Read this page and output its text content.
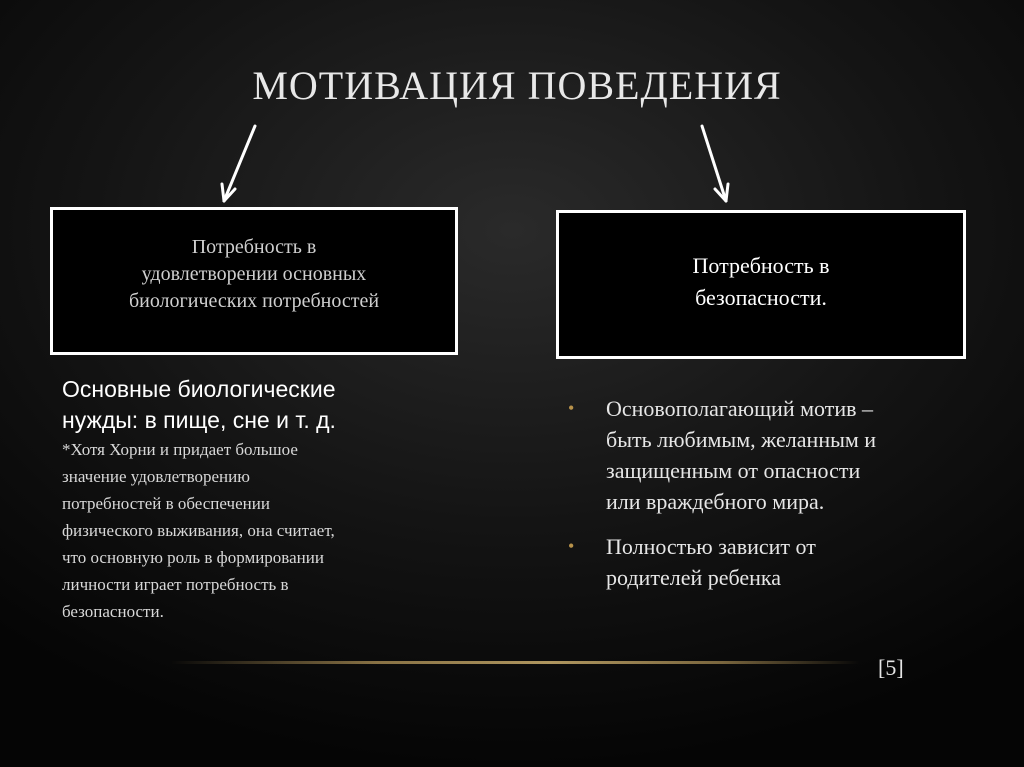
МОТИВАЦИЯ ПОВЕДЕНИЯ
Потребность в
удовлетворении основных
биологических потребностей
Потребность в
безопасности.
Основные биологические
нужды: в пище, сне и т. д.
*Хотя Хорни и придает большое
значение удовлетворению
потребностей в обеспечении
физического выживания, она считает,
что основную роль в формировании
личности играет потребность в
безопасности.
• Основополагающий мотив –
быть любимым, желанным и
защищенным от опасности
или враждебного мира.
• Полностью зависит от
родителей ребенка
[5]
